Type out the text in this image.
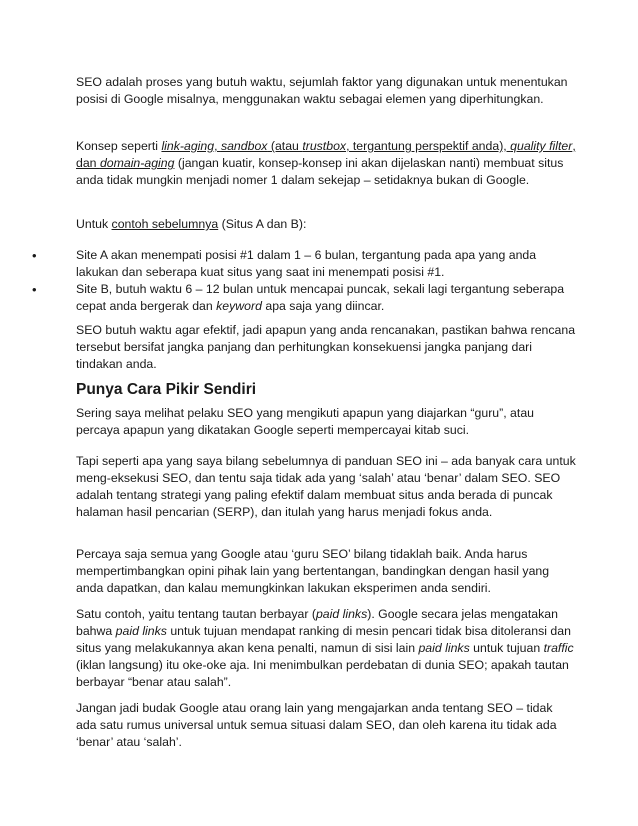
SEO adalah proses yang butuh waktu, sejumlah faktor yang digunakan untuk menentukan posisi di Google misalnya, menggunakan waktu sebagai elemen yang diperhitungkan.

Konsep seperti link-aging, sandbox (atau trustbox, tergantung perspektif anda), quality filter, dan domain-aging (jangan kuatir, konsep-konsep ini akan dijelaskan nanti) membuat situs anda tidak mungkin menjadi nomer 1 dalam sekejap – setidaknya bukan di Google.

Untuk contoh sebelumnya (Situs A dan B):

•	Site A akan menempati posisi #1 dalam 1 – 6 bulan, tergantung pada apa yang anda lakukan dan seberapa kuat situs yang saat ini menempati posisi #1.

•	Site B, butuh waktu 6 – 12 bulan untuk mencapai puncak, sekali lagi tergantung seberapa cepat anda bergerak dan keyword apa saja yang diincar.

SEO butuh waktu agar efektif, jadi apapun yang anda rencanakan, pastikan bahwa rencana tersebut bersifat jangka panjang dan perhitungkan konsekuensi jangka panjang dari tindakan anda.

Punya Cara Pikir Sendiri

Sering saya melihat pelaku SEO yang mengikuti apapun yang diajarkan “guru”, atau percaya apapun yang dikatakan Google seperti mempercayai kitab suci.

Tapi seperti apa yang saya bilang sebelumnya di panduan SEO ini – ada banyak cara untuk meng-eksekusi SEO, dan tentu saja tidak ada yang ‘salah’ atau ‘benar’ dalam SEO. SEO adalah tentang strategi yang paling efektif dalam membuat situs anda berada di puncak halaman hasil pencarian (SERP), dan itulah yang harus menjadi fokus anda.

Percaya saja semua yang Google atau ‘guru SEO’ bilang tidaklah baik. Anda harus mempertimbangkan opini pihak lain yang bertentangan, bandingkan dengan hasil yang anda dapatkan, dan kalau memungkinkan lakukan eksperimen anda sendiri.

Satu contoh, yaitu tentang tautan berbayar (paid links). Google secara jelas mengatakan bahwa paid links untuk tujuan mendapat ranking di mesin pencari tidak bisa ditoleransi dan situs yang melakukannya akan kena penalti, namun di sisi lain paid links untuk tujuan traffic (iklan langsung) itu oke-oke aja. Ini menimbulkan perdebatan di dunia SEO; apakah tautan berbayar “benar atau salah”.

Jangan jadi budak Google atau orang lain yang mengajarkan anda tentang SEO – tidak ada satu rumus universal untuk semua situasi dalam SEO, dan oleh karena itu tidak ada ‘benar’ atau ‘salah’.
